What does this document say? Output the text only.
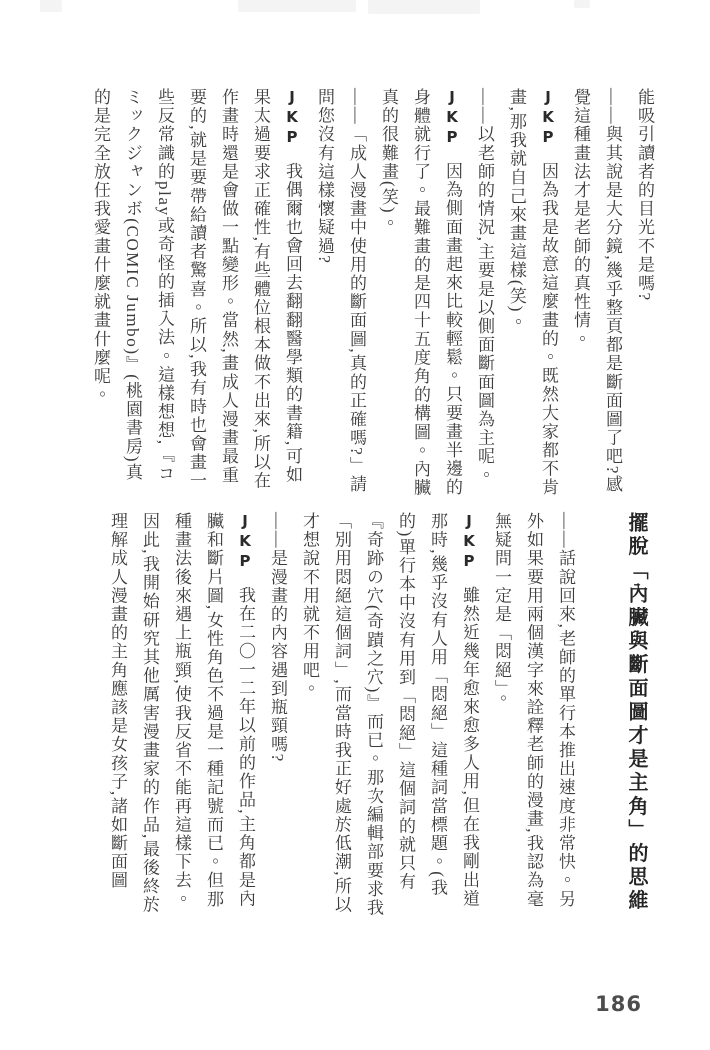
能吸引讀者的目光不是嗎?

——與其說是大分鏡,幾乎整頁都是斷面圖了吧?感覺這種畫法才是老師的真性情。

JKP因為我是故意這麼畫的。既然大家都不肯畫,那我就自己來畫這樣(笑)。

——以老師的情況,主要是以側面斷面圖為主呢。

JKP因為側面畫起來比較輕鬆。只要畫半邊的身體就行了。最難畫的是四十五度角的構圖。內臟真的很難畫(笑)。

——「成人漫畫中使用的斷面圖,真的正確嗎?」請問您沒有這樣懷疑過?

JKP我偶爾也會回去翻翻醫學類的書籍,可如果太過要求正確性,有些體位根本做不出來,所以在作畫時還是會做一點變形。當然,畫成人漫畫最重要的,就是要帶給讀者驚喜。所以,我有時也會畫一些反常識的play或奇怪的插入法。這樣想想,『コミックジャンボ(COMIC Jumbo)』(桃園書房)真的是完全放任我愛畫什麼就畫什麼呢。

擺脫「內臟與斷面圖才是主角」的思維

——話說回來,老師的單行本推出速度非常快。另外如果要用兩個漢字來詮釋老師的漫畫,我認為毫無疑問一定是「悶絕」。

JKP雖然近幾年愈來愈多人用,但在我剛出道那時,幾乎沒有人用「悶絕」這種詞當標題。(我的)單行本中沒有用到「悶絕」這個詞的就只有『奇跡の穴(奇蹟之穴)』而已。那次編輯部要求我「別用悶絕這個詞」,而當時我正好處於低潮,所以才想說不用就不用吧。

——是漫畫的內容遇到瓶頸嗎?

JKP我在二〇一二年以前的作品,主角都是內臟和斷片圖,女性角色不過是一種記號而已。但那種畫法後來遇上瓶頸,使我反省不能再這樣下去。因此,我開始研究其他厲害漫畫家的作品,最後終於理解成人漫畫的主角應該是女孩子,諸如斷面圖

186
